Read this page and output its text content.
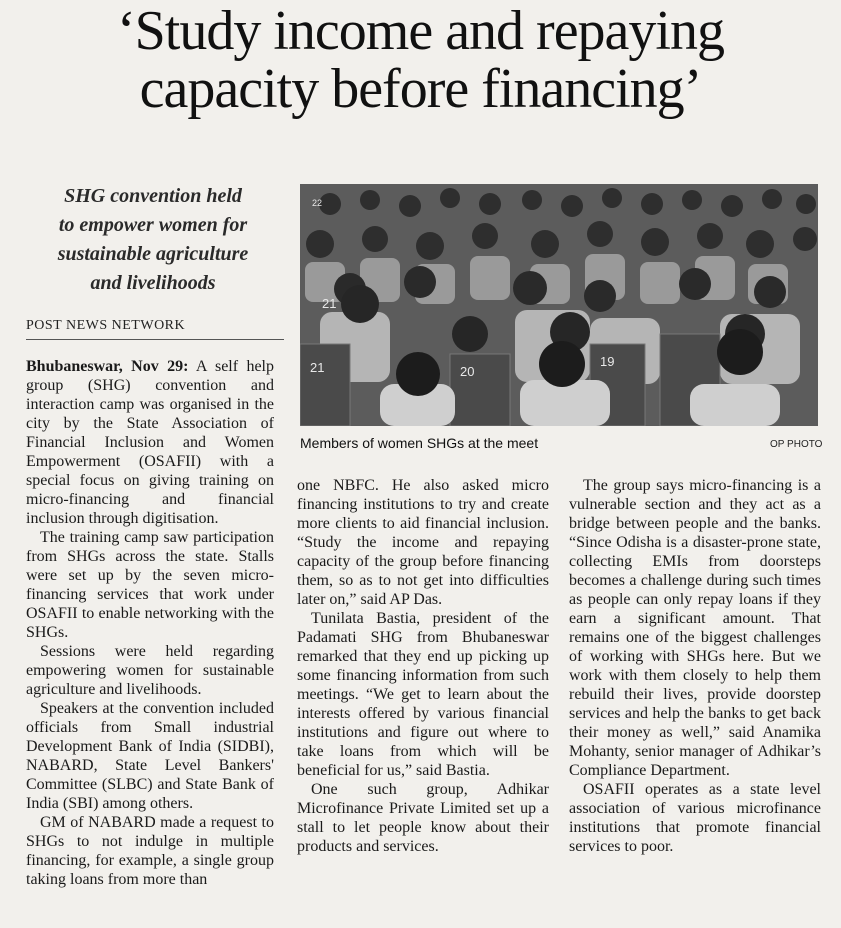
‘Study income and repaying
capacity before financing’
SHG convention held
to empower women for
sustainable agriculture
and livelihoods
POST NEWS NETWORK
21	20
19
21
22
Members of women SHGs at the meet	OP PHOTO

Bhubaneswar, Nov 29: A self help group (SHG) convention and interaction camp was organised in the city by the State Association of Financial Inclusion and Women Empowerment (OSAFII) with a special focus on giving training on micro-financing and financial inclusion through digitisation.

The training camp saw participation from SHGs across the state. Stalls were set up by the seven micro-financing services that work under OSAFII to enable networking with the SHGs.

Sessions were held regarding empowering women for sustainable agriculture and livelihoods.

Speakers at the convention included officials from Small industrial Development Bank of India (SIDBI), NABARD, State Level Bankers' Committee (SLBC) and State Bank of India (SBI) among others.

GM of NABARD made a request to SHGs to not indulge in multiple financing, for example, a single group taking loans from more than

one NBFC. He also asked micro financing institutions to try and create more clients to aid financial inclusion. “Study the income and repaying capacity of the group before financing them, so as to not get into difficulties later on,” said AP Das.

Tunilata Bastia, president of the Padamati SHG from Bhubaneswar remarked that they end up picking up some financing information from such meetings. “We get to learn about the interests offered by various financial institutions and figure out where to take loans from which will be beneficial for us,” said Bastia.

One such group, Adhikar Microfinance Private Limited set up a stall to let people know about their products and services.

The group says micro-financing is a vulnerable section and they act as a bridge between people and the banks. “Since Odisha is a disaster-prone state, collecting EMIs from doorsteps becomes a challenge during such times as people can only repay loans if they earn a significant amount. That remains one of the biggest challenges of working with SHGs here. But we work with them closely to help them rebuild their lives, provide doorstep services and help the banks to get back their money as well,” said Anamika Mohanty, senior manager of Adhikar’s Compliance Department.

OSAFII operates as a state level association of various microfinance institutions that promote financial services to poor.
